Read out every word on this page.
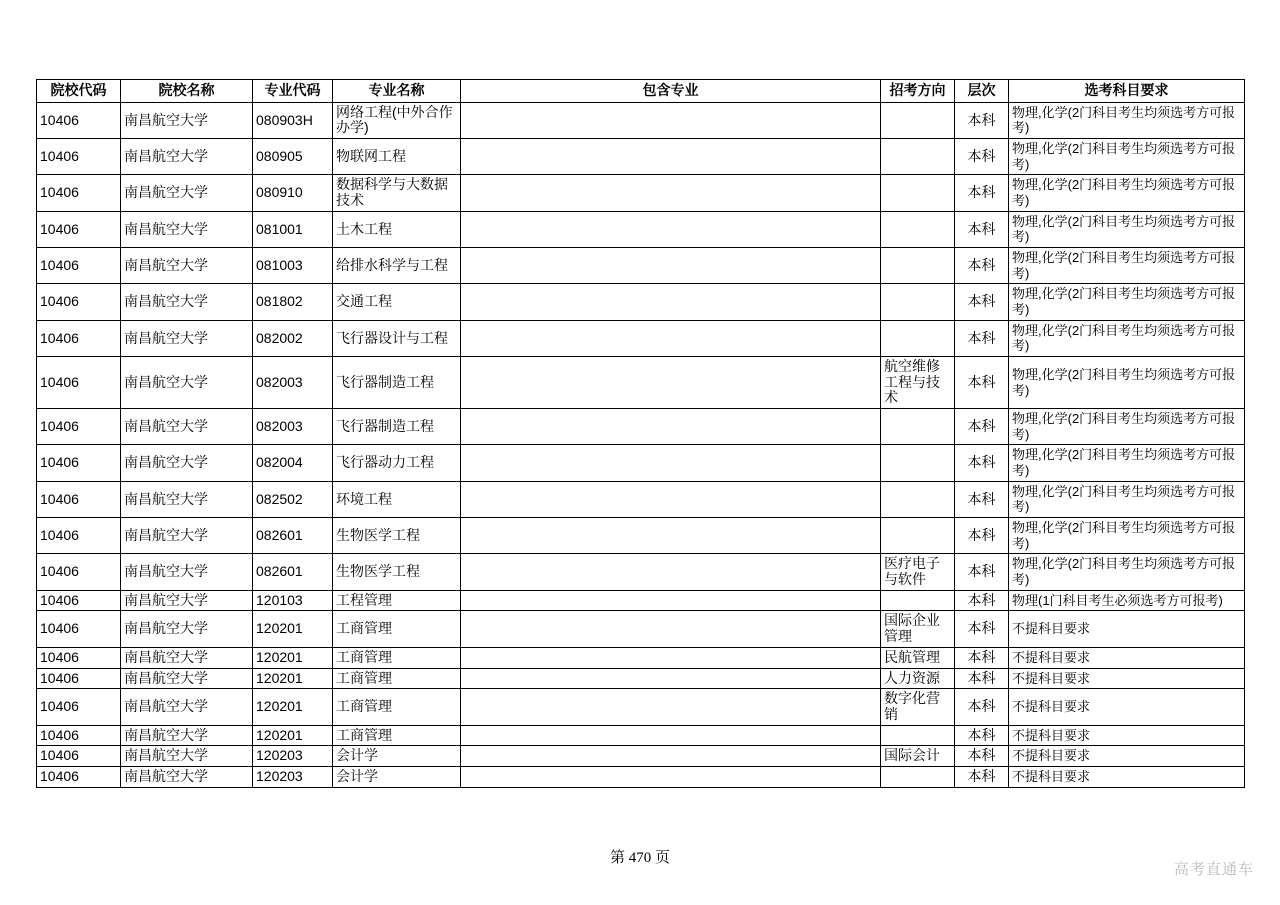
院校代码	院校名称	专业代码	专业名称	包含专业	招考方向	层次	选考科目要求
10406	南昌航空大学	080903H	网络工程(中外合作办学)			本科	物理,化学(2门科目考生均须选考方可报考)
10406	南昌航空大学	080905	物联网工程			本科	物理,化学(2门科目考生均须选考方可报考)
10406	南昌航空大学	080910	数据科学与大数据技术			本科	物理,化学(2门科目考生均须选考方可报考)
10406	南昌航空大学	081001	土木工程			本科	物理,化学(2门科目考生均须选考方可报考)
10406	南昌航空大学	081003	给排水科学与工程			本科	物理,化学(2门科目考生均须选考方可报考)
10406	南昌航空大学	081802	交通工程			本科	物理,化学(2门科目考生均须选考方可报考)
10406	南昌航空大学	082002	飞行器设计与工程			本科	物理,化学(2门科目考生均须选考方可报考)
10406	南昌航空大学	082003	飞行器制造工程		航空维修工程与技术	本科	物理,化学(2门科目考生均须选考方可报考)
10406	南昌航空大学	082003	飞行器制造工程			本科	物理,化学(2门科目考生均须选考方可报考)
10406	南昌航空大学	082004	飞行器动力工程			本科	物理,化学(2门科目考生均须选考方可报考)
10406	南昌航空大学	082502	环境工程			本科	物理,化学(2门科目考生均须选考方可报考)
10406	南昌航空大学	082601	生物医学工程			本科	物理,化学(2门科目考生均须选考方可报考)
10406	南昌航空大学	082601	生物医学工程		医疗电子与软件	本科	物理,化学(2门科目考生均须选考方可报考)
10406	南昌航空大学	120103	工程管理			本科	物理(1门科目考生必须选考方可报考)
10406	南昌航空大学	120201	工商管理		国际企业管理	本科	不提科目要求
10406	南昌航空大学	120201	工商管理		民航管理	本科	不提科目要求
10406	南昌航空大学	120201	工商管理		人力资源	本科	不提科目要求
10406	南昌航空大学	120201	工商管理		数字化营销	本科	不提科目要求
10406	南昌航空大学	120201	工商管理			本科	不提科目要求
10406	南昌航空大学	120203	会计学		国际会计	本科	不提科目要求
10406	南昌航空大学	120203	会计学			本科	不提科目要求
第 470 页
高考直通车
